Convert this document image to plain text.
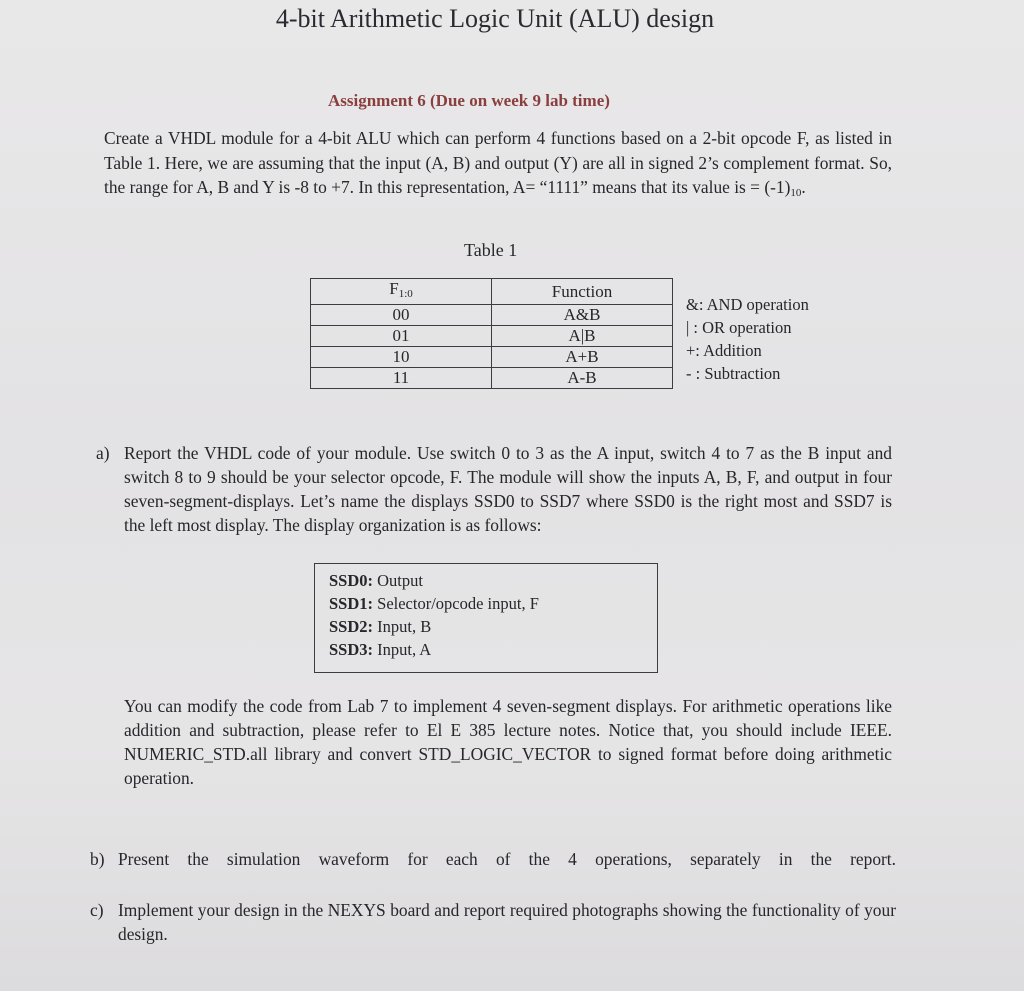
4-bit Arithmetic Logic Unit (ALU) design
Assignment 6 (Due on week 9 lab time)
Create a VHDL module for a 4-bit ALU which can perform 4 functions based on a 2-bit opcode F, as listed in Table 1. Here, we are assuming that the input (A, B) and output (Y) are all in signed 2’s complement format. So, the range for A, B and Y is -8 to +7. In this representation, A= “1111” means that its value is = $(-1)_{10}$.
Table 1
$F_{1:0}$	Function
00	A&B
01	A|B
10	A+B
11	A-B
&: AND operation
| : OR operation
+: Addition
- : Subtraction
a) Report the VHDL code of your module. Use switch 0 to 3 as the A input, switch 4 to 7 as the B input and switch 8 to 9 should be your selector opcode, F. The module will show the inputs A, B, F, and output in four seven-segment-displays. Let’s name the displays SSD0 to SSD7 where SSD0 is the right most and SSD7 is the left most display. The display organization is as follows:
SSD0: Output
SSD1: Selector/opcode input, F
SSD2: Input, B
SSD3: Input, A
You can modify the code from Lab 7 to implement 4 seven-segment displays. For arithmetic operations like addition and subtraction, please refer to El E 385 lecture notes. Notice that, you should include IEEE. NUMERIC_STD.all library and convert STD_LOGIC_VECTOR to signed format before doing arithmetic operation.
b) Present the simulation waveform for each of the 4 operations, separately in the report.
c) Implement your design in the NEXYS board and report required photographs showing the functionality of your design.
